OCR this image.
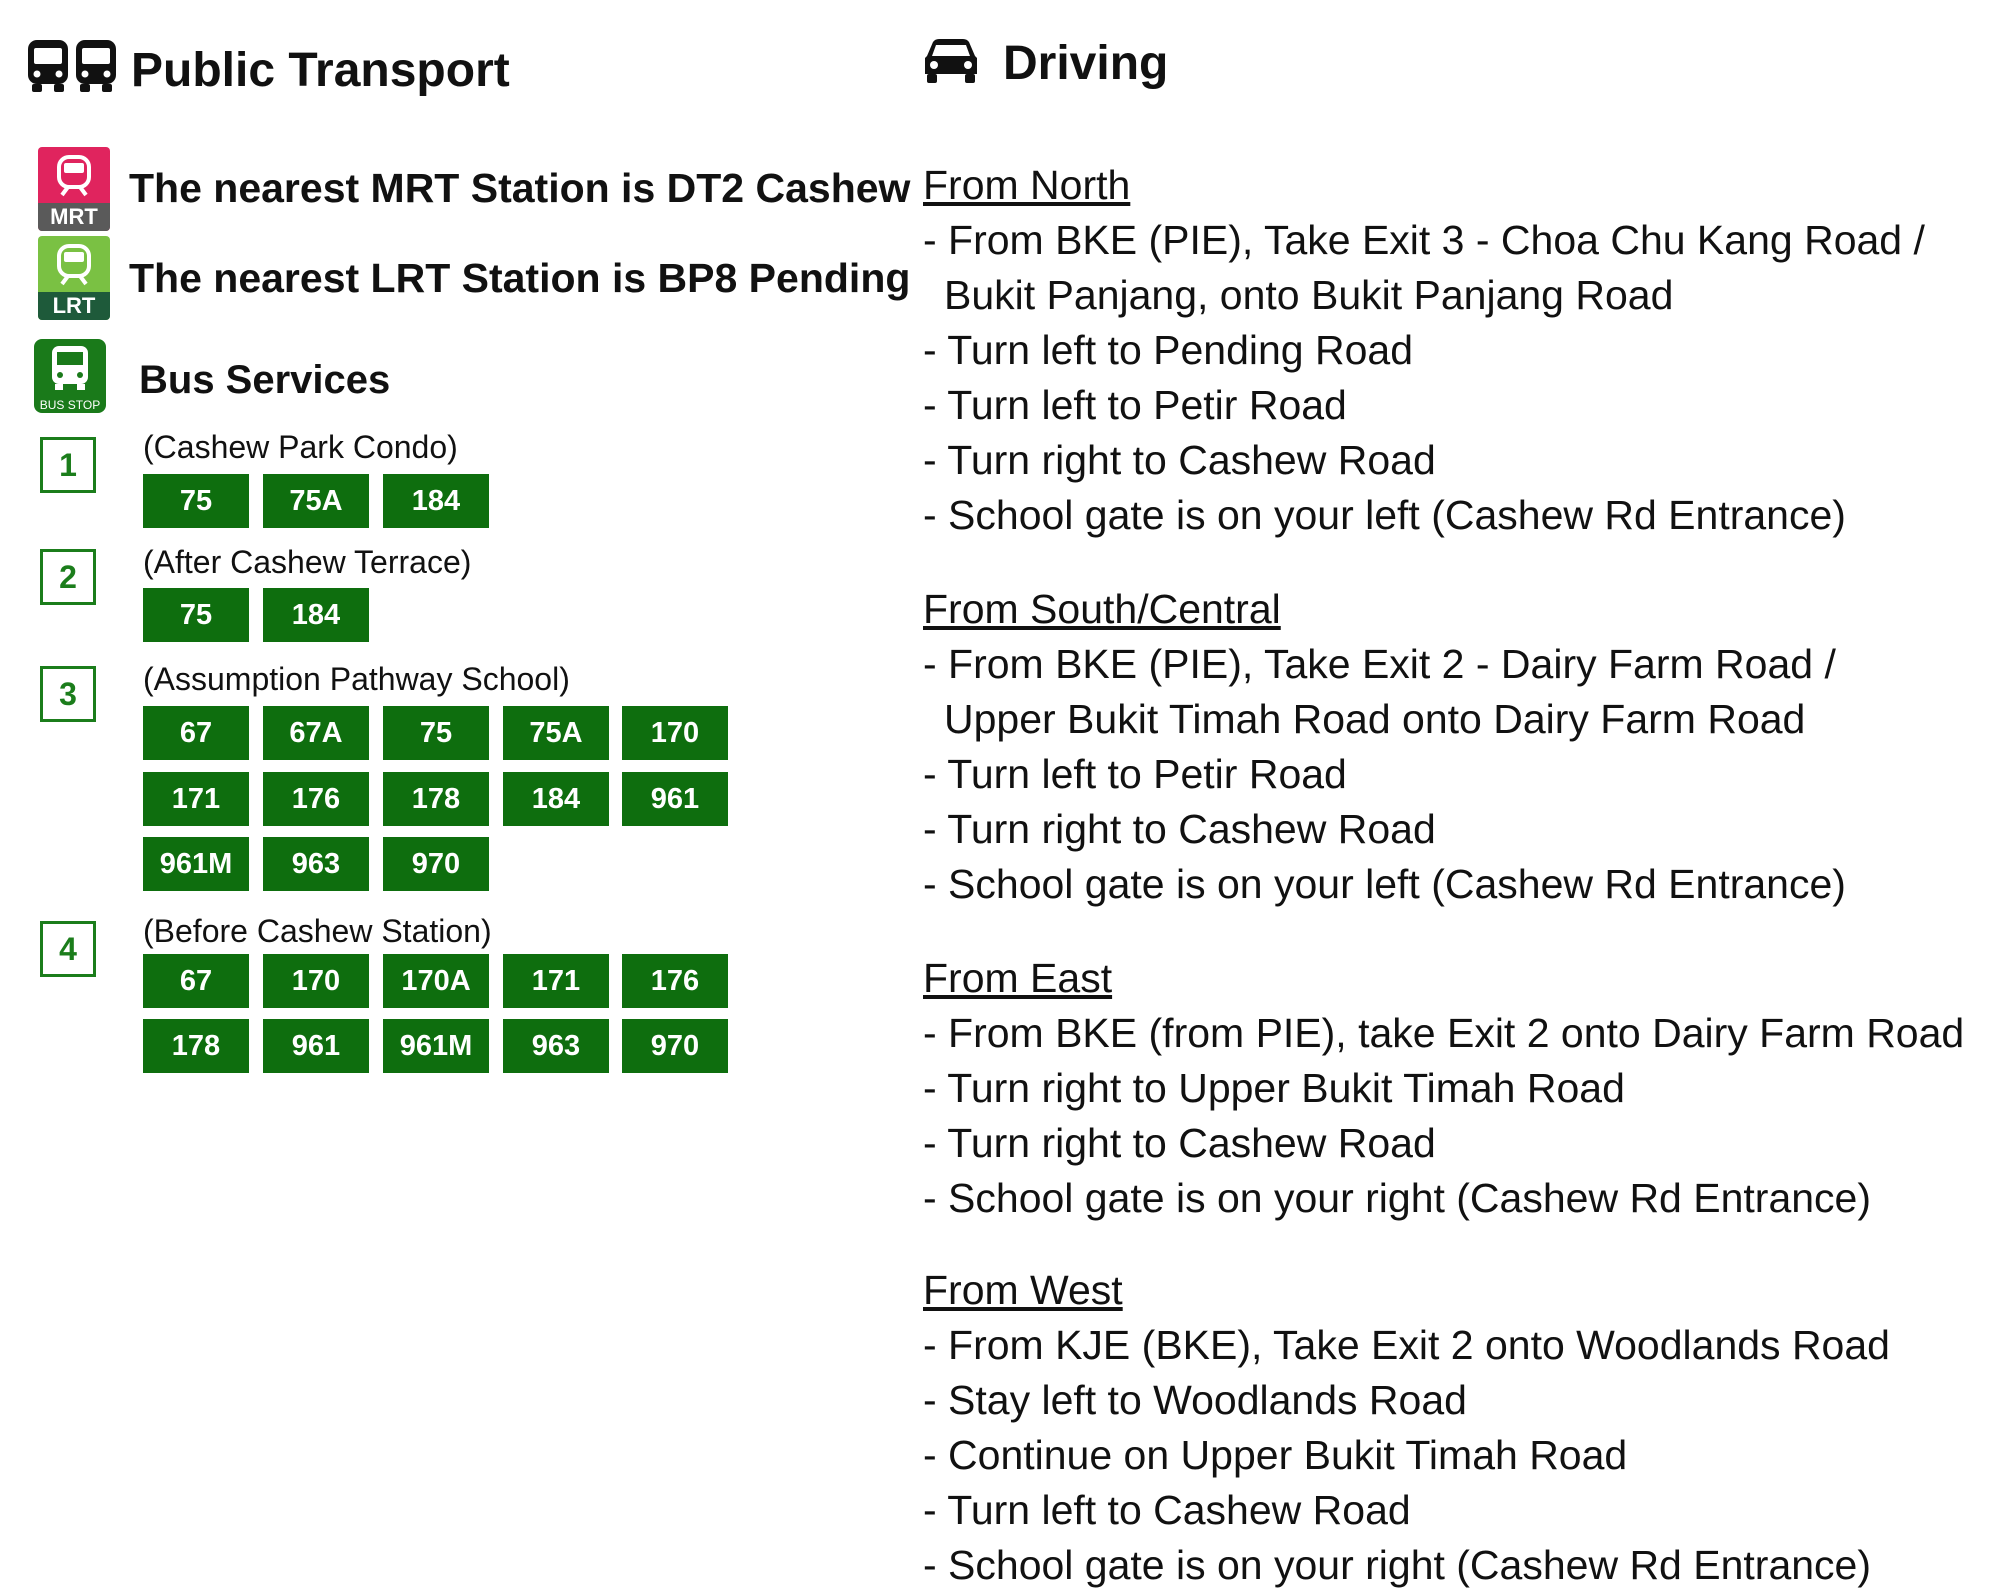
Public Transport
MRT
The nearest MRT Station is DT2 Cashew
LRT
The nearest LRT Station is BP8 Pending
BUS STOP
Bus Services
1	(Cashew Park Condo)
75	75A	184
2	(After Cashew Terrace)
75	184
3	(Assumption Pathway School)
67	67A	75	75A	170
171	176	178	184	961
961M	963	970
4	(Before Cashew Station)
67	170	170A	171	176
178	961	961M	963	970
Driving
From North
- From BKE (PIE), Take Exit 3 - Choa Chu Kang Road /
Bukit Panjang, onto Bukit Panjang Road
- Turn left to Pending Road
- Turn left to Petir Road
- Turn right to Cashew Road
- School gate is on your left (Cashew Rd Entrance)
From South/Central
- From BKE (PIE), Take Exit 2 - Dairy Farm Road /
Upper Bukit Timah Road onto Dairy Farm Road
- Turn left to Petir Road
- Turn right to Cashew Road
- School gate is on your left (Cashew Rd Entrance)
From East
- From BKE (from PIE), take Exit 2 onto Dairy Farm Road
- Turn right to Upper Bukit Timah Road
- Turn right to Cashew Road
- School gate is on your right (Cashew Rd Entrance)
From West
- From KJE (BKE), Take Exit 2 onto Woodlands Road
- Stay left to Woodlands Road
- Continue on Upper Bukit Timah Road
- Turn left to Cashew Road
- School gate is on your right (Cashew Rd Entrance)
